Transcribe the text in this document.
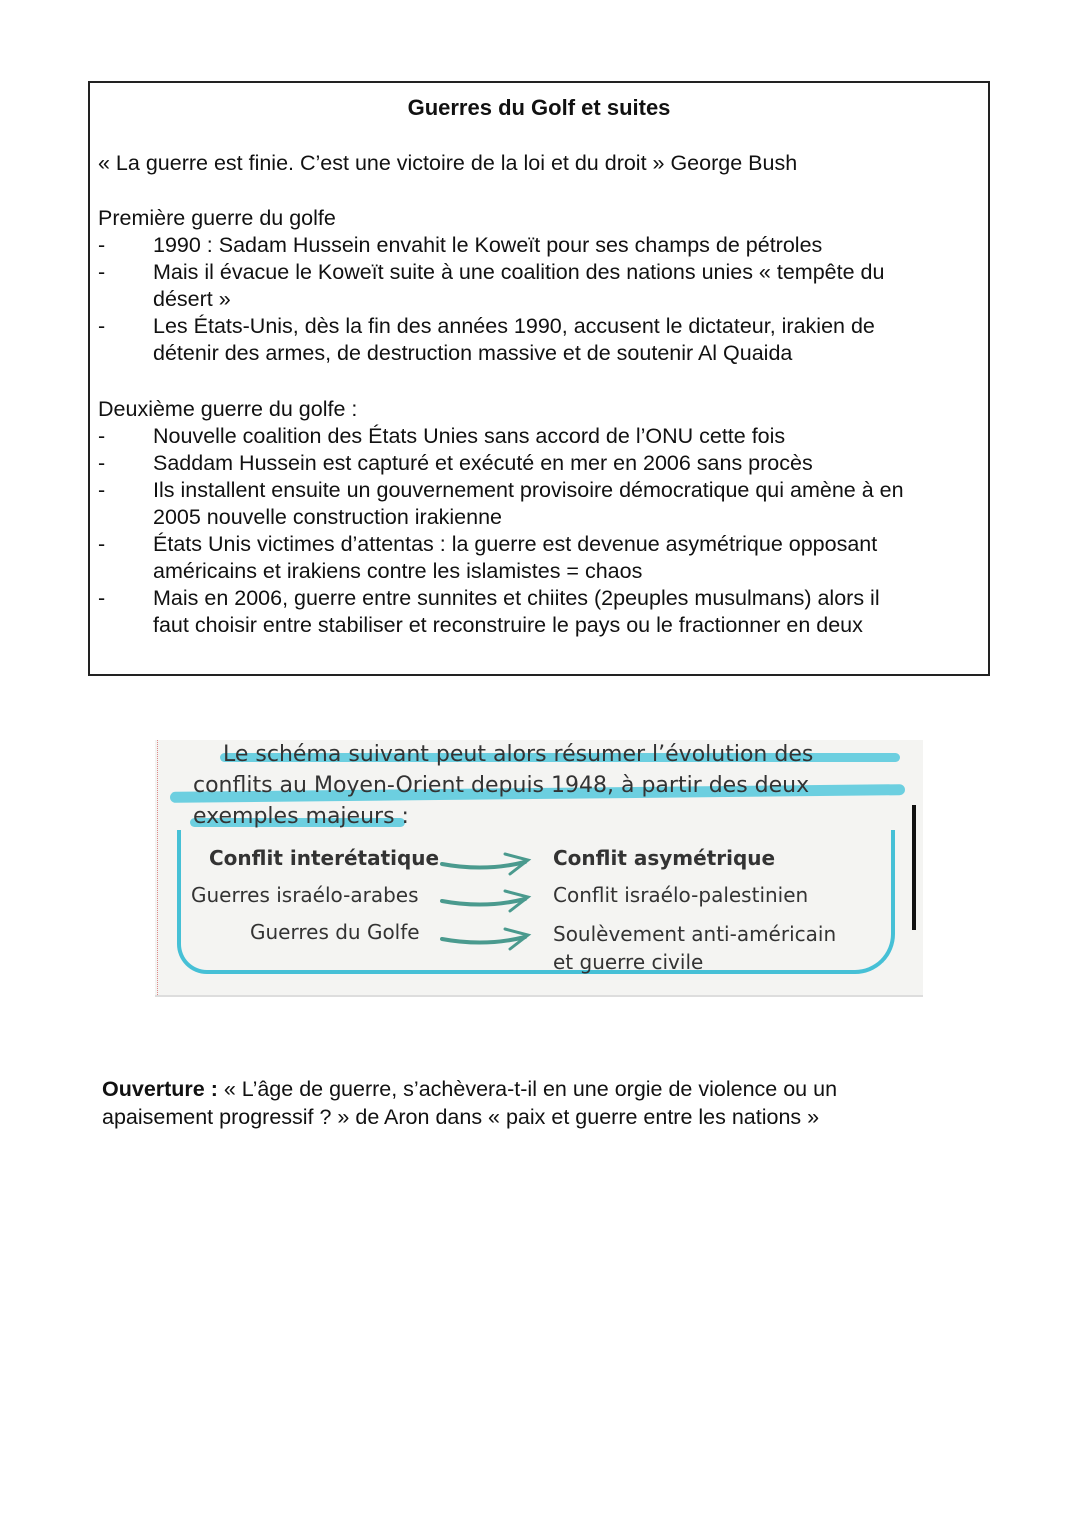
Guerres du Golf et suites
« La guerre est finie. C’est une victoire de la loi et du droit » George Bush
Première guerre du golfe
- 1990 : Sadam Hussein envahit le Koweït pour ses champs de pétroles
- Mais il évacue le Koweït suite à une coalition des nations unies « tempête du
désert »
- Les États-Unis, dès la fin des années 1990, accusent le dictateur, irakien de
détenir des armes, de destruction massive et de soutenir Al Quaida
Deuxième guerre du golfe :
- Nouvelle coalition des États Unies sans accord de l’ONU cette fois
- Saddam Hussein est capturé et exécuté en mer en 2006 sans procès
- Ils installent ensuite un gouvernement provisoire démocratique qui amène à en
2005 nouvelle construction irakienne
- États Unis victimes d’attentas : la guerre est devenue asymétrique opposant
américains et irakiens contre les islamistes = chaos
- Mais en 2006, guerre entre sunnites et chiites (2peuples musulmans) alors il
faut choisir entre stabiliser et reconstruire le pays ou le fractionner en deux
Le schéma suivant peut alors résumer l’évolution des
conflits au Moyen-Orient depuis 1948, à partir des deux
exemples majeurs :
Conflit interétatique	Conflit asymétrique
Guerres israélo-arabes	Conflit israélo-palestinien
Guerres du Golfe	Soulèvement anti-américain
et guerre civile
Ouverture : « L’âge de guerre, s’achèvera-t-il en une orgie de violence ou un
apaisement progressif ? » de Aron dans « paix et guerre entre les nations »
